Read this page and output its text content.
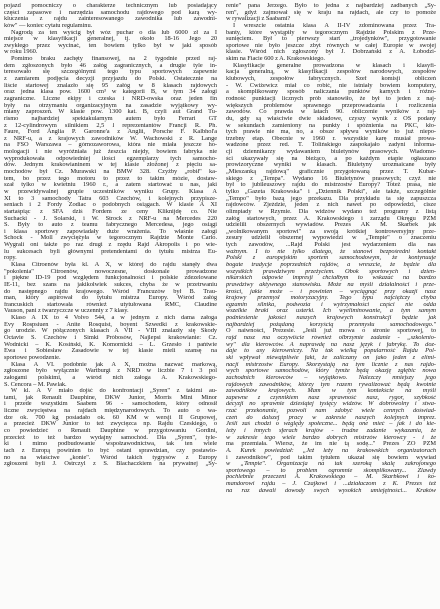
pojazd pomocniczy o charakterze technicznym lub posiadający
części zapasowe i narzędzia samochodu rajdowego pod karą wy-
kluczenia z rajdu zainteresowanego zawodnika lub zawodni-
ków" — koniec cytatu regulaminu.
Nagrodą za ten wyścig był wóz puchar o dla lub 6000 zł za I
miejsce w klasyfikacji generalnej, tj. około 18-16 Jego 20
zwykłego przez wycinać, ten bowiem tylko był w jaki sposób
w roku 1960.
Pomimo braku zachęty finansowej, na 2 tygodnie przed raj-
dem zgłoszonych było 46 załóg zagranicznych, a drugie tyle in-
teresowało się szczególnymi tego typu sportowych zapewnie
z zamiarem podjęcia decyzji przyjazdu do Polski. Ostatecznie na
liście startowej znalazło się 95 załóg w 8 klasach rajdowych
oraz jedna klasa pow. 1600 cm³ w kategorii B, w tym 34 załogi
zagraniczne. Liczne ekipy i czeska i NRD-owska oraz jeden fin
były na otrzymaniu organizacyjnym na zasadzie wyjątkowy wy-
miany zaproszeń. W klasie pow. 1300 kat. B, czyli aut Grand Tu-
rismo najbardziej spektakularnym autem było Ferrari GT
z 12-cylindrowym silnikiem 2,5 l reprezentantów Francji R. Ph.
Faure, Ford Anglia P. Garonne'a z Anglii, Porsche F. Kalbhol'a
z NRF-u, a z krajowych zawodników W. Wachowski z R. Lange
na FSO Warszawa – górnozaworowa, która nie miała jeszcze ho-
mologacji i nie wyróżniała już żeszcia niejdy, bowiem fabryka nie
wyprodukowała odpowiedniej ilości egzemplarzy tych samocho-
dów. Jednym krakowianinem w tej klasie złożonej z pięciu sa-
mochodów był Cz. Murawski na BMW 328. Czyżby „robił" ka-
tem, bo przez tego motoru to przez to takim mózie, dostaw-
szał tylko w kwietniu 1960 r., a zatem startować u nas, jaki
w przewidywalnej grupie uczestników wyniku Grupy. Klasa A
XI to 3 samochody Tatra 603 Czechów, i kolejnych przypisze-
seniach i 2 Fordy Zodiac o podobnych osiągach. W klasie A XI
startaśpiąc z SFA dziś Fordem ze ceny Kliknijdę co. Nie
Suchacki - J. Solarski, i W. Strock z NRF-u na Mercedes 220
S. Były to auto z teamu fabrycznego Mercedesa, jego osiągi
i klasa sportowy zapowiadały duże wrażenia. To właśnie załogi
Schock - Moll zwyciężyła w tegorocznym Rajdzie Monte Carlo.
Wygrali oni także po raz drugi z rzędu Rajd Akropolis i po wie-
lu sukcesach byli głównymi pretendentami do tytułu mistrza Eu-
ropy.
Klasa Citroenów była kl. A X, w której do rajdu stanęły dwa
"pokolenia" Citroenów, nowoczesne, doskonale prowadzone
i piękne ID-19 pod względem funkcjonalności i polskie zdezelowane
IE-11, bez szans na jakikolwiek sukces, chyba że w przetrwaniu
do następnego rajdu krajowego. Wśród Francuzów był B. Trau-
man, który aspirował do tytułu mistrza Europy. Wśród załóg
francuskich startowała również utytułowana RMC, Claudine
Vauson, pani z twarzyczcze w uczenniy z 7 klasy.
Klaso A IX to 4 Volvo 544, a w jednym z nich dama załoga
Evy Rospsiuen - Anite Rosquist, boyent Szwedki z krakowskie-
go urodzie. W półączonych klasach A VII - VIII znalazły się Skody
Octavie S. Czechów i Simki Próbosów, Najlepsi krakowianie: Cz.
Wodnicki – K. Kosiński, K. Komornicki – L. Grzesło i pańtwie
Ewa i Sobiesław Zasadowie w tej klasie mieli szansę na
sportowe powodzenie.
Klasa A VI. podobnie jak A X, można nazwać markową,
zgłoszone było wyłącznie Wartburgi z NRD w liczbie 7 i 3 pol
załogami polskimi, a wśród nich załoga A. Krakowskiego-
S. Cencora – M. Pawlak.
W kl. A V miało dojść do konfrontacji „Syren" z takimi au-
tami, jak Renault Dauphine, DKW Junior, Morris Mini Minor
i przede wszystkim Saabem 96 - samochodem, który odnosił
liczne zwycięstwa na rajdach międzynarodowych. To auto o wa-
dze ok. 700 kg posiadało ok. 60 KM w wersji II Grupowej,
a przecież DKW Junior to też zwycięzca np. Rajdu Czeskiego, o
co powiedzieć o Renault Dauphine w przygotowaniu Gordini,
przecież to też bardzo wydajny samochód. Dla „Syren", tyle-
ki i mimo podbudowanie wspołzawodnictwa, tak ten wiele
tach z Europą powinien to być ostani sprawdzian, czy postawio-
no na właściwe „konie". Wśród takich tygrysów z Europy
zgłoszeni byli J. Ostrczyl z S. Blachaczkiem na prywatnej „Sy-
renie" pana Jerzego. Było to jedna z najbardziej zadbanych „Sy-
ren", gdyż zajmował się w kraju na rajdach, ale czy to pomoże
w rywalizacji z Saabami?
I wreszcie ostatnia klasa A II-IV zdominowana przez Tra-
banty, które wystąpiły w tegorocznym Rajdzie Polskim z Prze-
sunięciem. Był to pierwszy start „trojedynków", przygotowanie
sportowe nie było jeszcze zbyt równych w całej Europie w swojej
klasie. Wśród nich zgłoszony był J. Dobrzański z A. Łobodzi-
skim na Fiacie 600 z A. Krakowskiego.
Klasyfikacje generalne prowadzona w klasach i klasyfi-
kacja generalną, w klasyfikacji zespołów narodowych, zespołów
klubowych, zespołów fabrycznych. Szef komisji obliczeń
- W. Ćwiżewicz miał co robić, nie istniały bowiem komputery,
a skomplikowany sposób naliczania punktów karnych i różno-
rodność punktacji licznych prób stanowiło, że był to jeden z naj-
większych problemów sprawnego przeprowadzania i rozliczenia
zawodów. Co prawda w latach 90. obliczenie wyników z raj-
du, gdy są właściwie dwie składowe, czyszy wynik z OS podany
w sekundach zamieniony na punkty i spóźnienia na PKC, kło-
tych prawie nie ma, no, a obsze spływu wyników to już niepo-
trzebny etap. Obecnie w 1960 r. wszystkie karę musiał prowa-
wadzone przez red. T. Tolińskiego zaspokajało zadyni informa-
cji dziennikarzy wydawaniem biuletynów prasowych. Wiadomo-
ści ukazywały się na bieżąco, a po każdym etapie ogłaszano
prowizoryczne wyniki w klasach. Biuletyny urozmaicane były
„Mieszanką rajdową" graficznie przygotowaną przez T. Kubar-
skiego z „Tempa". Wydano 16 Biuletynów prasowych; czyż nie
był to jubileuszowy rajdu do mistrzostw Europy? Toteż prasa, nie
tylko „Gazeta Krakowska" i „Dziennik Polski", ale także, szczególnie
„Tempo" było bazą jego przekazu. Dla przykładu ta się zapuszcza
rajdowców. Zjeździe, jeden z nich nawet po odpowiedzi, cisze
olimpiady w Rzymie. Dla widzów wydano też programy z listą
załóg startowych, przez A. Krakowskiego i zarządu Okręgu PZM
udzielili obszernych wywiadów. Prezes AK M. Skarbek jak
„wolnikowanym sportowi" za swoją krótkiej kontrowersyjny prze-
zesury udzielił obszernej wypowiedzi w „Tempie" o znaczeniu
tych zawodów, ...Rajd Polski jest wydarzeniem dla nas
ważnym. I to nie tylko dlatego, że stanowi bezpośredni kontakt
Polski z europejskim sportem samochodowym, że kontynuuje
bogate tradycje poprzednich rajdów, a wreszcie, że będzie dla
wszystkich prawdziwym przeżyciem. Obok sportowych i dzien-
nikarskich odpowie impresji chciałbym to wskazać na bardzo
prawdziwy aktywnego stanowisku. Może na myśli działalności i prze-
krości, jakie może – i powinien – wyciągnąć przy okazji nasz
krajowy przemysł motoryzacyjny. Tego typu najciężczy chyba
egzamin silnika, podwozia i wytrzymałości części nie odda
wszelkie braki oraz usterki. Ich wyeliminowanie, a tym samym
podniesienie jakości naszych krajowych konstrukcji będzie jak
najbardziej pożądaną korzyścią przemysłu samochodowego."
O naiwności, Prezesie. „Jeśli już mowa o stronie sportowej, to
rajd nasz ma oczywiście również olbrzymie zadanie - „szkolenio-
wy" dla kierowców. A naprawdę na nasz język i fabrykę. To doz-
daje to asy kierowniczy. Na tak wielką popularność Rajdu Pol-
ski wpływał niewątpliwie fakt, że zaliczany on jako jeden z elimi-
nacji mistrzostw Europy. Skorzystają na tym licznie z nas rajdo-
wych sportowe samochodów, który tymże będą okazję zgłębic nowa
zachodnich kierowców – wyjątkowo. Nalezczy mniejszy jego
rajdowych zawodników, którzy tym razem rywalizować będą kwotnie
zawodników krajowych. Mam w tym kontekście na myśli
zapewne z czynnikiem nasz sprawność nasz, rygor, szybkość
decyzji no sprawnie dziesiątej tysięcy widzów. W dobrowolny i stwa-
rzać przekonanie, pozwoli nam zdobyć wiele cennych doświad-
czeń do dalszej pracy w zakresie naszych kolejnych imprez.
Jeśli zaś chodzi o względy społeczne... będą one mieć – jak i do kie-
leży i innych sferach krajów - trudne zadanie wykazania, że
w zakresie tego wiele bardzo dobrych mistrzów kierowcy - i że
ma przemiała. Wiersz, że im nie tą sodę..." Prezes ZO PZM
A. Kurek powiedział: „Jeż leży na krakowskich organizatorach
i zawodników", pod takim tytułem ukazał się bowiem wywiad
w „Tempie". Organizacja na tak szeroką skalę zakrojonego
sportowego – to problem ogromnie skomplikowany... Zlawdy
pochlebnie przeczeni A. Krakowskiego – M. Skarbkowi i ko-
mandorowi rajdu – J. Czajkowi i ...działaczom z K. Prezes też
na raz dawali dowody swych wysokich umiejętności... Kraków
